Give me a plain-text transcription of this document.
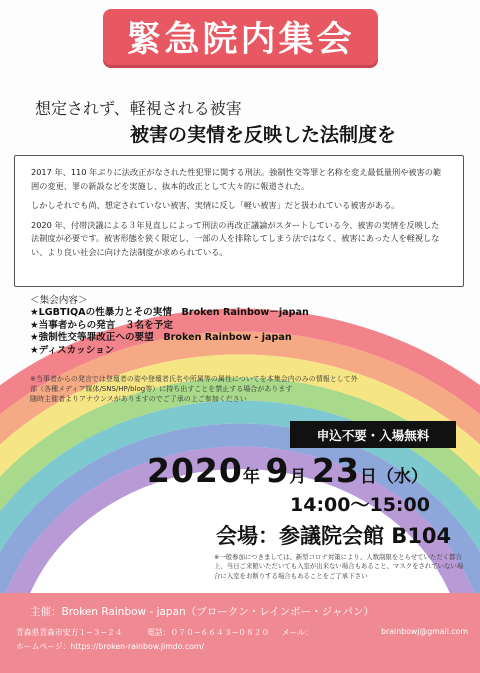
緊急院内集会
想定されず、軽視される被害
被害の実情を反映した法制度を

2017 年、110 年ぶりに法改正がなされた性犯罪に関する刑法。強制性交等罪と名称を変え最低量刑や被害の範囲の変更、罪の新設などを実施し、抜本的改正として大々的に報道された。

しかしそれでも尚、想定されていない被害、実情に反し「軽い被害」だと扱われている被害がある。

2020 年、付帯決議による３年見直しによって刑法の再改正議論がスタートしている今、被害の実情を反映した法制度が必要です。被害形態を狭く限定し、一部の人を排除してしまう法ではなく、被害にあった人を軽視しない、より良い社会に向けた法制度が求められている。

＜集会内容＞
★LGBTIQAの性暴力とその実情　Broken Rainbow－japan
★当事者からの発言　３名を予定
★強制性交等罪改正への要望　Broken Rainbow - japan
★ディスカッション
※当事者からの発言では登壇者の姿や登壇者氏名や所属等の属性についてを本集会内のみの情報として外部（各種メディア媒体/SNS/HP/blog等）に持ち出すことを禁止する場合があります
随時主催者よりアナウンスがありますのでご了承の上ご参加ください
申込不要・入場無料
2020年 9月 23日（水）
14:00〜15:00
会場：参議院会館 B104
※一般参加につきましては、新型コロナ対策により、人数制限をとらせていただく都合上、当日ご来館いただいても入室が出来ない場合もあること、マスクをされていない場合に入室をお断りする場合もあることをご了承下さい
主催：Broken Rainbow - japan（ブロークン・レインボー・ジャパン）
青森県青森市安方１−３−２４	電話：０７０−６６４３−０８２０ メール：	brainbowj@gmail.com
ホームページ：https://broken-rainbow.jimdo.com/
